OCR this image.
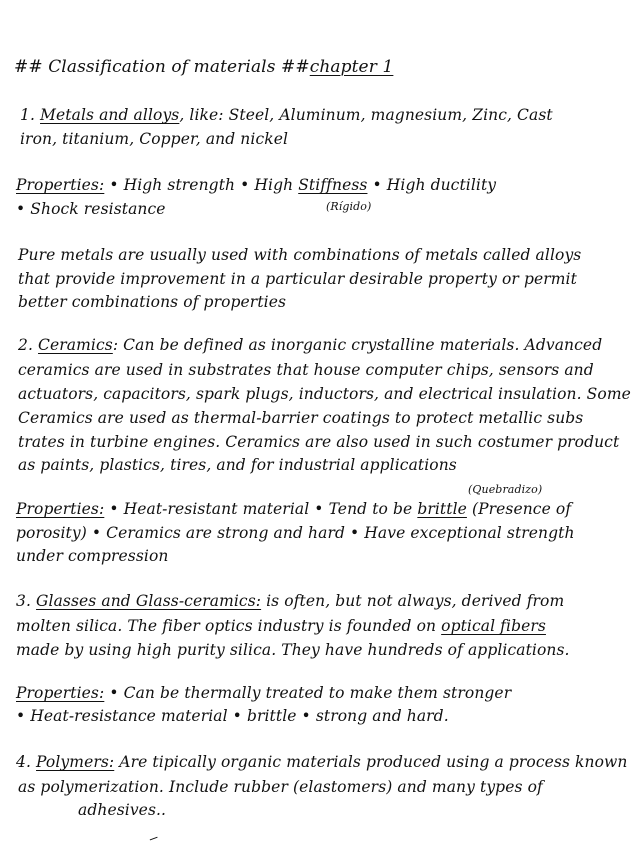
## Classification of materials ##chapter 1
1. Metals and alloys, like: Steel, Aluminum, magnesium, Zinc, Cast
iron, titanium, Copper, and nickel
Properties: • High strength • High Stiffness • High ductility
(Rígido)
• Shock resistance
Pure metals are usually used with combinations of metals called alloys
that provide improvement in a particular desirable property or permit
better combinations of properties
2. Ceramics: Can be defined as inorganic crystalline materials. Advanced
ceramics are used in substrates that house computer chips, sensors and
actuators, capacitors, spark plugs, inductors, and electrical insulation. Some
Ceramics are used as thermal-barrier coatings to protect metallic subs
trates in turbine engines. Ceramics are also used in such costumer product
as paints, plastics, tires, and for industrial applications
(Quebradizo)
Properties: • Heat-resistant material • Tend to be brittle (Presence of
porosity) • Ceramics are strong and hard • Have exceptional strength
under compression
3. Glasses and Glass-ceramics: is often, but not always, derived from
molten silica. The fiber optics industry is founded on optical fibers
made by using high purity silica. They have hundreds of applications.
Properties: • Can be thermally treated to make them stronger
• Heat-resistance material • brittle • strong and hard.
4. Polymers: Are tipically organic materials produced using a process known
as polymerization. Include rubber (elastomers) and many types of
adhesives..
